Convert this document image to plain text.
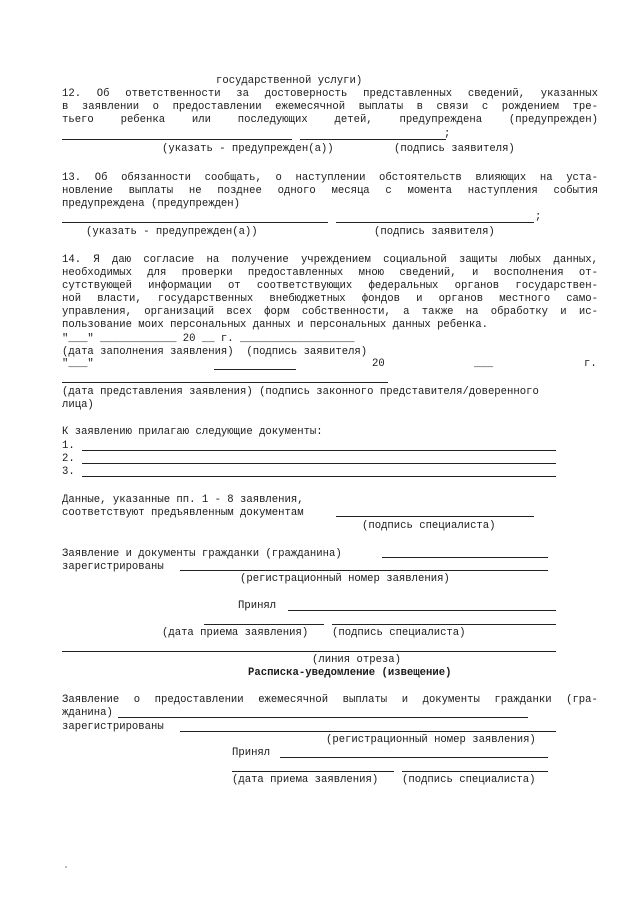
государственной услуги)
12. Об ответственности за достоверность представленных сведений, указанных
в заявлении о предоставлении ежемесячной выплаты в связи с рождением тре-
тьего	ребенка	или	последующих	детей,	предупреждена	(предупрежден)
;
(указать - предупрежден(а))	(подпись заявителя)
13. Об обязанности сообщать, о наступлении обстоятельств влияющих на уста-
новление выплаты не позднее одного месяца с момента наступления события
предупреждена (предупрежден)
;
(указать - предупрежден(а))	(подпись заявителя)
14. Я даю согласие на получение учреждением социальной защиты любых данных,
необходимых для проверки предоставленных мною сведений, и восполнения от-
сутствующей информации от соответствующих федеральных органов государствен-
ной власти, государственных внебюджетных фондов и органов местного само-
управления, организаций всех форм собственности, а также на обработку и ис-
пользование моих персональных данных и персональных данных ребенка.
"___" ____________ 20 __ г. __________________
(дата заполнения заявления)  (подпись заявителя)
"___"	20	___	г.
(дата представления заявления) (подпись законного представителя/доверенного
лица)
К заявлению прилагаю следующие документы:
1.
2.
3.
Данные, указанные пп. 1 - 8 заявления,
соответствуют предъявленным документам
(подпись специалиста)
Заявление и документы гражданки (гражданина)
зарегистрированы
(регистрационный номер заявления)
Принял
(дата приема заявления) (подпись специалиста)
(линия отреза)
Расписка-уведомление (извещение)
Заявление о предоставлении ежемесячной выплаты и документы гражданки (гра-
жданина)
зарегистрированы
(регистрационный номер заявления)
Принял
(дата приема заявления) (подпись специалиста)
